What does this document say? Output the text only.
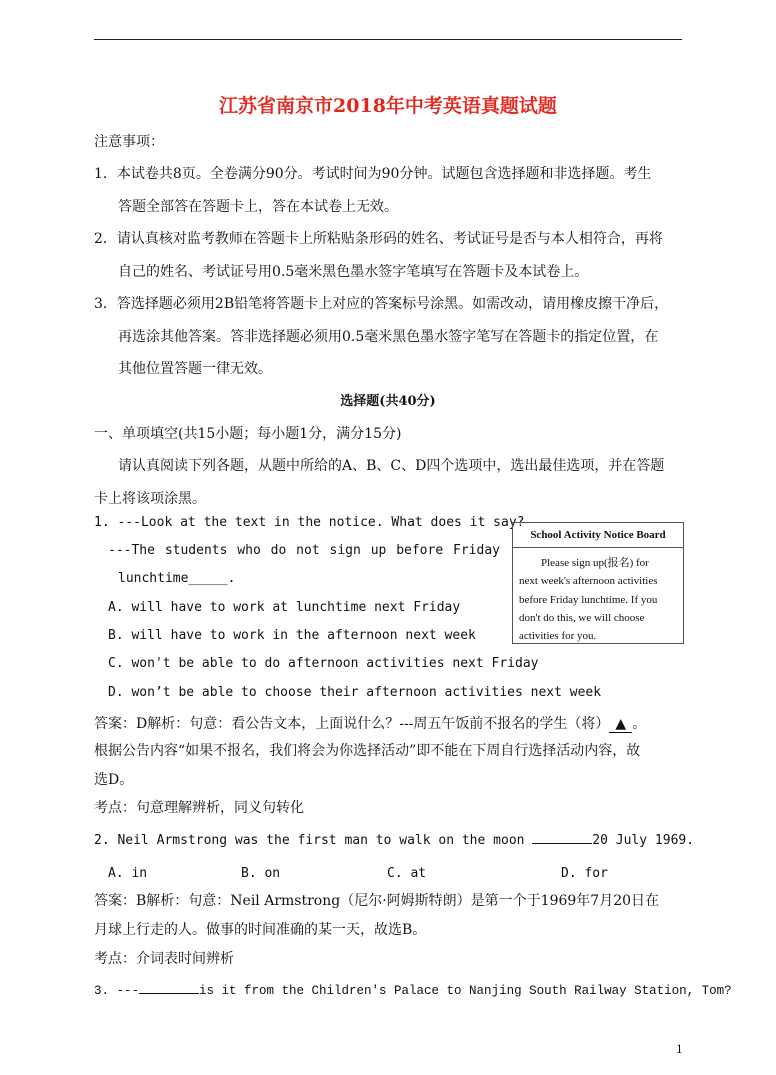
江苏省南京市2018年中考英语真题试题
注意事项：
1．本试卷共8页。全卷满分90分。考试时间为90分钟。试题包含选择题和非选择题。考生
答题全部答在答题卡上，答在本试卷上无效。
2．请认真核对监考教师在答题卡上所粘贴条形码的姓名、考试证号是否与本人相符合，再将
自己的姓名、考试证号用0.5毫米黑色墨水签字笔填写在答题卡及本试卷上。
3．答选择题必须用2B铅笔将答题卡上对应的答案标号涂黑。如需改动，请用橡皮擦干净后，
再选涂其他答案。答非选择题必须用0.5毫米黑色墨水签字笔写在答题卡的指定位置，在
其他位置答题一律无效。
选择题(共40分)
一、单项填空(共15小题；每小题1分，满分15分)
请认真阅读下列各题，从题中所给的A、B、C、D四个选项中，选出最佳选项，并在答题
卡上将该项涂黑。
1. ---Look at the text in the notice. What does it say?
---The students who do not sign up before Friday
lunchtime_____.
School Activity Notice Board
Please sign up(报名) for
next week's afternoon activities
before Friday lunchtime. If you
don't do this, we will choose
activities for you.
A. will have to work at lunchtime next Friday
B. will have to work in the afternoon next week
C. won't be able to do afternoon activities next Friday
D. won’t be able to choose their afternoon activities next week
答案：D解析：句意：看公告文本，上面说什么？---周五午饭前不报名的学生（将） ▲ 。
根据公告内容“如果不报名，我们将会为你选择活动”即不能在下周自行选择活动内容，故
选D。
考点：句意理解辨析，同义句转化
2. Neil Armstrong was the first man to walk on the moon	20 July 1969.
A. in	B. on	C. at	D. for
答案：B解析：句意：Neil Armstrong（尼尔·阿姆斯特朗）是第一个于1969年7月20日在
月球上行走的人。做事的时间准确的某一天，故选B。
考点：介词表时间辨析
3. ---	is it from the Children's Palace to Nanjing South Railway Station, Tom?
1
